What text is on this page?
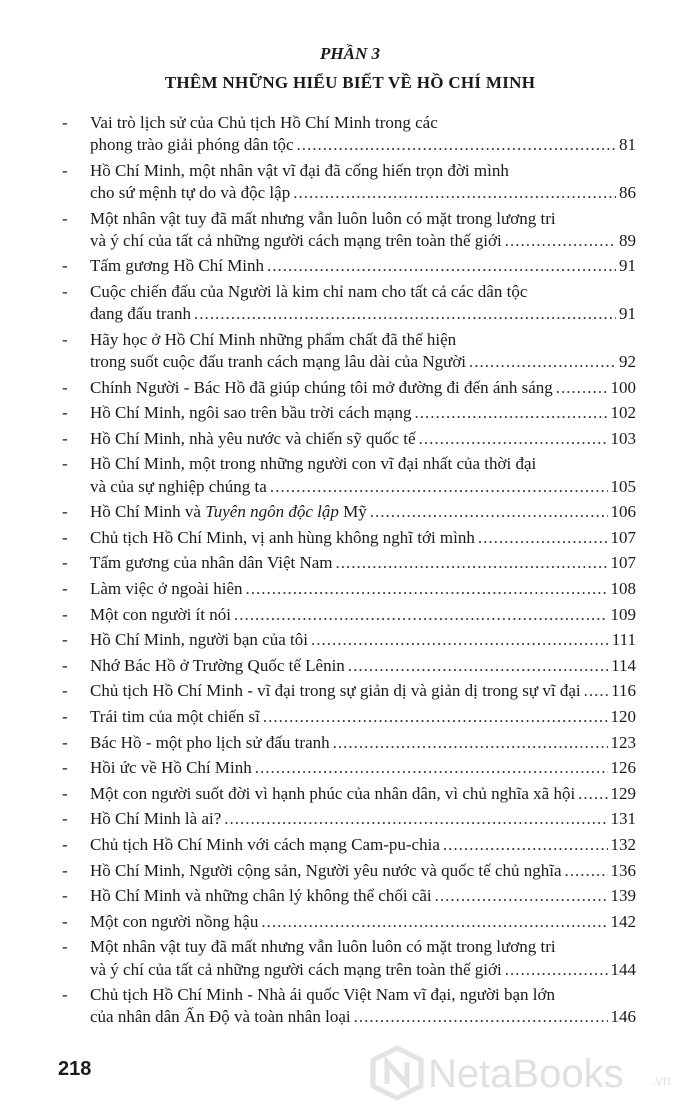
PHẦN 3
THÊM NHỮNG HIỂU BIẾT VỀ HỒ CHÍ MINH
- Vai trò lịch sử của Chủ tịch Hồ Chí Minh trong các
phong trào giải phóng dân tộc .....	81
- Hồ Chí Minh, một nhân vật vĩ đại đã cống hiến trọn đời mình
cho sứ mệnh tự do và độc lập .....	86
- Một nhân vật tuy đã mất nhưng vẫn luôn luôn có mặt trong lương tri
và ý chí của tất cả những người cách mạng trên toàn thế giới .....	89
- Tấm gương Hồ Chí Minh .....	91
- Cuộc chiến đấu của Người là kim chỉ nam cho tất cả các dân tộc
đang đấu tranh .....	91
- Hãy học ở Hồ Chí Minh những phẩm chất đã thể hiện
trong suốt cuộc đấu tranh cách mạng lâu dài của Người .....	92
- Chính Người - Bác Hồ đã giúp chúng tôi mở đường đi đến ánh sáng .....	100
- Hồ Chí Minh, ngôi sao trên bầu trời cách mạng .....	102
- Hồ Chí Minh, nhà yêu nước và chiến sỹ quốc tế .....	103
- Hồ Chí Minh, một trong những người con vĩ đại nhất của thời đại
và của sự nghiệp chúng ta .....	105
- Hồ Chí Minh và Tuyên ngôn độc lập Mỹ .....	106
- Chủ tịch Hồ Chí Minh, vị anh hùng không nghĩ tới mình .....	107
- Tấm gương của nhân dân Việt Nam .....	107
- Làm việc ở ngoài hiên .....	108
- Một con người ít nói .....	109
- Hồ Chí Minh, người bạn của tôi .....	111
- Nhớ Bác Hồ ở Trường Quốc tế Lênin .....	114
- Chủ tịch Hồ Chí Minh - vĩ đại trong sự giản dị và giản dị trong sự vĩ đại ..... 116
- Trái tim của một chiến sĩ .....	120
- Bác Hồ - một pho lịch sử đấu tranh .....	123
- Hồi ức về Hồ Chí Minh .....	126
- Một con người suốt đời vì hạnh phúc của nhân dân, vì chủ nghĩa xã hội ..... 129
- Hồ Chí Minh là ai? .....	131
- Chủ tịch Hồ Chí Minh với cách mạng Cam-pu-chia .....	132
- Hồ Chí Minh, Người cộng sản, Người yêu nước và quốc tế chủ nghĩa .....	136
- Hồ Chí Minh và những chân lý không thể chối cãi .....	139
- Một con người nồng hậu .....	142
- Một nhân vật tuy đã mất nhưng vẫn luôn luôn có mặt trong lương tri
và ý chí của tất cả những người cách mạng trên toàn thế giới .....	144
- Chủ tịch Hồ Chí Minh - Nhà ái quốc Việt Nam vĩ đại, người bạn lớn
của nhân dân Ấn Độ và toàn nhân loại .....	146
218	NetaBooks .vn
